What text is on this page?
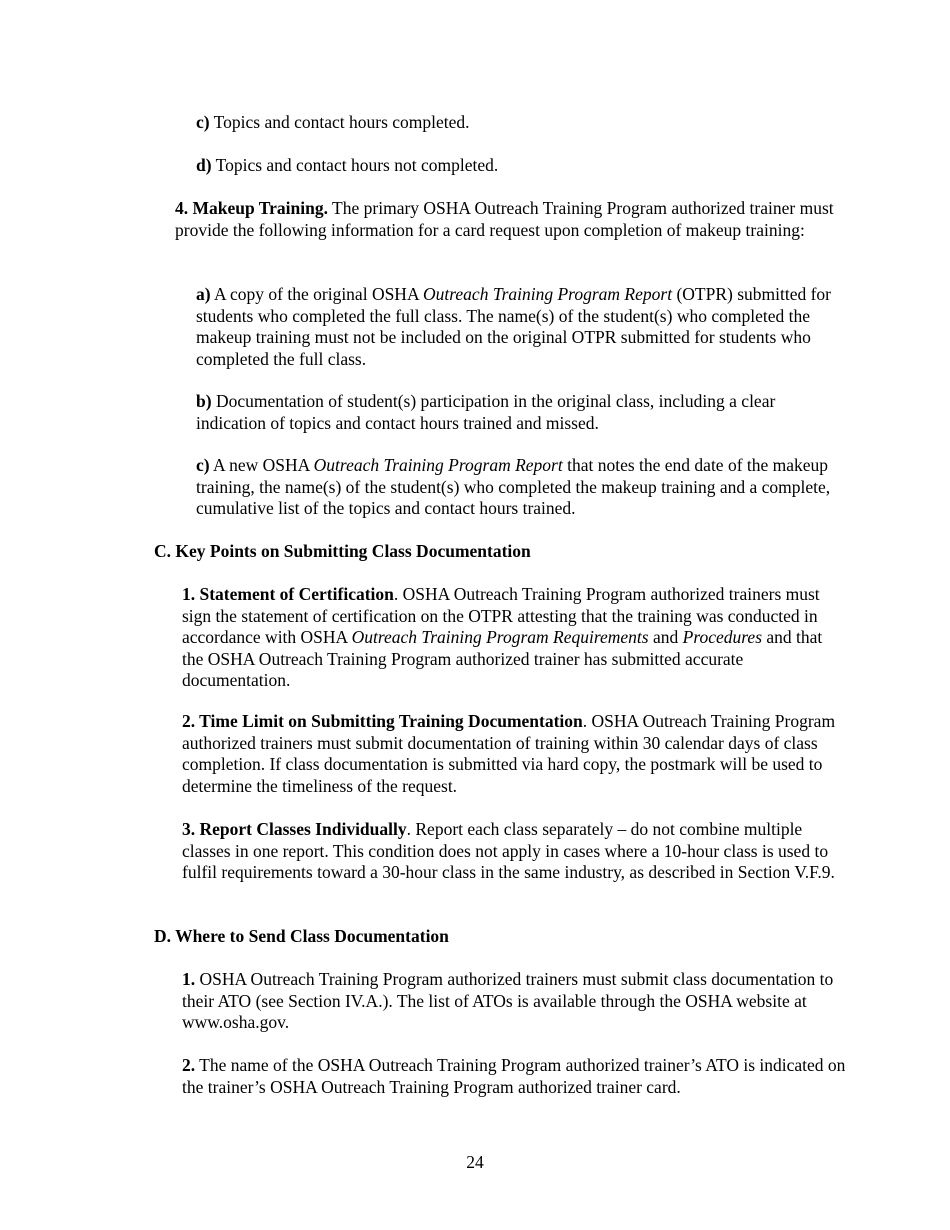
c) Topics and contact hours completed.

d) Topics and contact hours not completed.

4. Makeup Training. The primary OSHA Outreach Training Program authorized trainer must provide the following information for a card request upon completion of makeup training:

a) A copy of the original OSHA Outreach Training Program Report (OTPR) submitted for students who completed the full class. The name(s) of the student(s) who completed the makeup training must not be included on the original OTPR submitted for students who completed the full class.

b) Documentation of student(s) participation in the original class, including a clear indication of topics and contact hours trained and missed.

c) A new OSHA Outreach Training Program Report that notes the end date of the makeup training, the name(s) of the student(s) who completed the makeup training and a complete, cumulative list of the topics and contact hours trained.

C. Key Points on Submitting Class Documentation

1. Statement of Certification. OSHA Outreach Training Program authorized trainers must sign the statement of certification on the OTPR attesting that the training was conducted in accordance with OSHA Outreach Training Program Requirements and Procedures and that the OSHA Outreach Training Program authorized trainer has submitted accurate documentation.

2. Time Limit on Submitting Training Documentation. OSHA Outreach Training Program authorized trainers must submit documentation of training within 30 calendar days of class completion. If class documentation is submitted via hard copy, the postmark will be used to determine the timeliness of the request.

3. Report Classes Individually. Report each class separately – do not combine multiple classes in one report. This condition does not apply in cases where a 10-hour class is used to fulfil requirements toward a 30-hour class in the same industry, as described in Section V.F.9.

D. Where to Send Class Documentation

1. OSHA Outreach Training Program authorized trainers must submit class documentation to their ATO (see Section IV.A.). The list of ATOs is available through the OSHA website at www.osha.gov.

2. The name of the OSHA Outreach Training Program authorized trainer’s ATO is indicated on the trainer’s OSHA Outreach Training Program authorized trainer card.

24
